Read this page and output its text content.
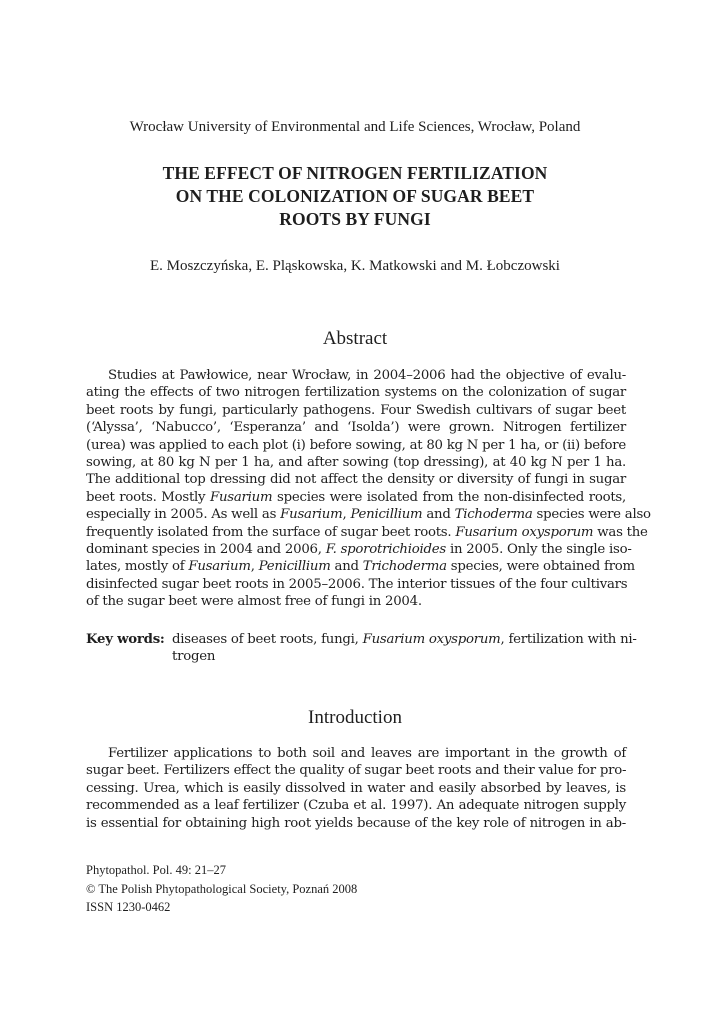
Wrocław University of Environmental and Life Sciences, Wrocław, Poland
THE EFFECT OF NITROGEN FERTILIZATION
ON THE COLONIZATION OF SUGAR BEET
ROOTS BY FUNGI
E. Moszczyńska, E. Pląskowska, K. Matkowski and M. Łobczowski
Abstract
Studies at Pawłowice, near Wrocław, in 2004–2006 had the objective of evalu-
ating the effects of two nitrogen fertilization systems on the colonization of sugar
beet roots by fungi, particularly pathogens. Four Swedish cultivars of sugar beet
(‘Alyssa’, ‘Nabucco’, ‘Esperanza’ and ‘Isolda’) were grown. Nitrogen fertilizer
(urea) was applied to each plot (i) before sowing, at 80 kg N per 1 ha, or (ii) before
sowing, at 80 kg N per 1 ha, and after sowing (top dressing), at 40 kg N per 1 ha.
The additional top dressing did not affect the density or diversity of fungi in sugar
beet roots. Mostly Fusarium species were isolated from the non-disinfected roots,
especially in 2005. As well as Fusarium, Penicillium and Tichoderma species were also
frequently isolated from the surface of sugar beet roots. Fusarium oxysporum was the
dominant species in 2004 and 2006, F. sporotrichioides in 2005. Only the single iso-
lates, mostly of Fusarium, Penicillium and Trichoderma species, were obtained from
disinfected sugar beet roots in 2005–2006. The interior tissues of the four cultivars
of the sugar beet were almost free of fungi in 2004.
Key words: diseases of beet roots, fungi, Fusarium oxysporum, fertilization with ni-
trogen
Introduction
Fertilizer applications to both soil and leaves are important in the growth of
sugar beet. Fertilizers effect the quality of sugar beet roots and their value for pro-
cessing. Urea, which is easily dissolved in water and easily absorbed by leaves, is
recommended as a leaf fertilizer (Czuba et al. 1997). An adequate nitrogen supply
is essential for obtaining high root yields because of the key role of nitrogen in ab-
Phytopathol. Pol. 49: 21–27
© The Polish Phytopathological Society, Poznań 2008
ISSN 1230-0462
